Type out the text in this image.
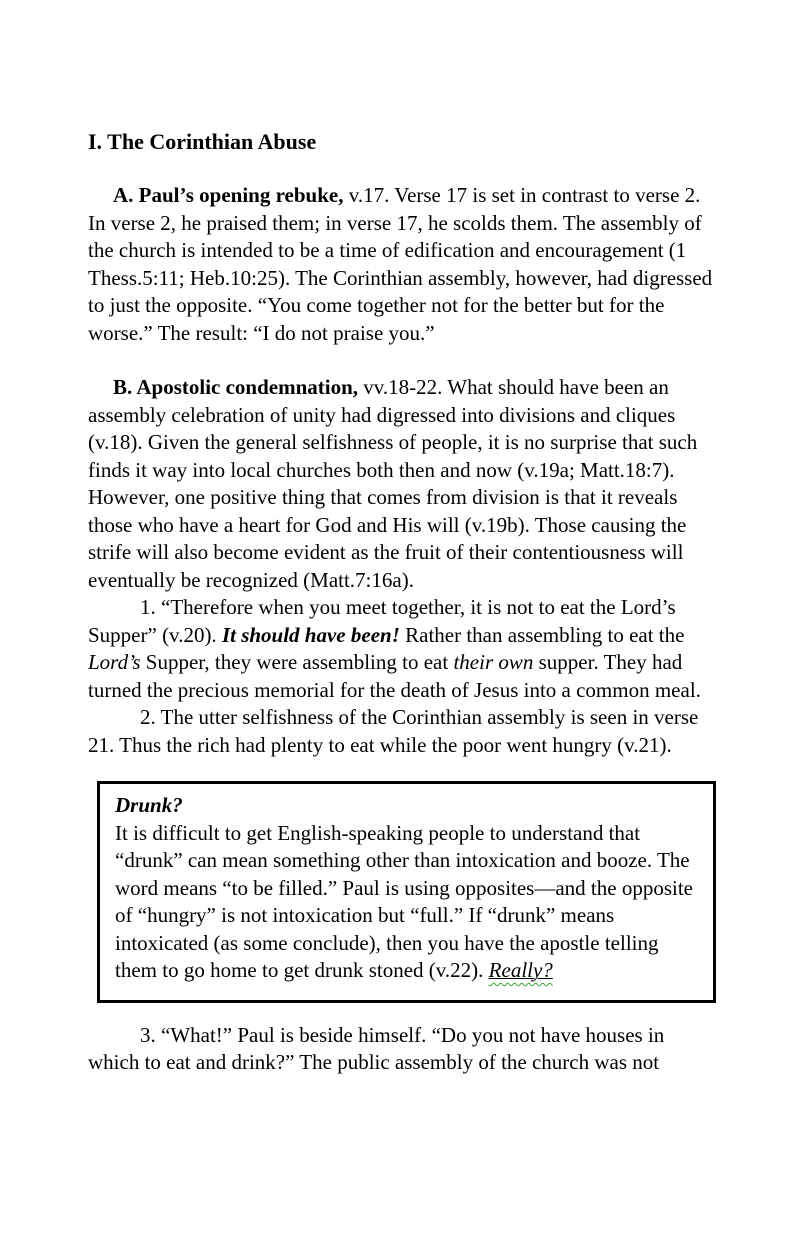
I. The Corinthian Abuse

A. Paul’s opening rebuke, v.17. Verse 17 is set in contrast to verse 2. In verse 2, he praised them; in verse 17, he scolds them. The assembly of the church is intended to be a time of edification and encouragement (1 Thess.5:11; Heb.10:25). The Corinthian assembly, however, had digressed to just the opposite. “You come together not for the better but for the worse.” The result: “I do not praise you.”

B. Apostolic condemnation, vv.18-22. What should have been an assembly celebration of unity had digressed into divisions and cliques (v.18). Given the general selfishness of people, it is no surprise that such finds it way into local churches both then and now (v.19a; Matt.18:7). However, one positive thing that comes from division is that it reveals those who have a heart for God and His will (v.19b). Those causing the strife will also become evident as the fruit of their contentiousness will eventually be recognized (Matt.7:16a).

1. “Therefore when you meet together, it is not to eat the Lord’s Supper” (v.20). It should have been! Rather than assembling to eat the Lord’s Supper, they were assembling to eat their own supper. They had turned the precious memorial for the death of Jesus into a common meal.

2. The utter selfishness of the Corinthian assembly is seen in verse 21. Thus the rich had plenty to eat while the poor went hungry (v.21).

Drunk?
It is difficult to get English-speaking people to understand that “drunk” can mean something other than intoxication and booze. The word means “to be filled.” Paul is using opposites—and the opposite of “hungry” is not intoxication but “full.” If “drunk” means intoxicated (as some conclude), then you have the apostle telling them to go home to get drunk stoned (v.22). Really?

3. “What!” Paul is beside himself. “Do you not have houses in which to eat and drink?” The public assembly of the church was not
